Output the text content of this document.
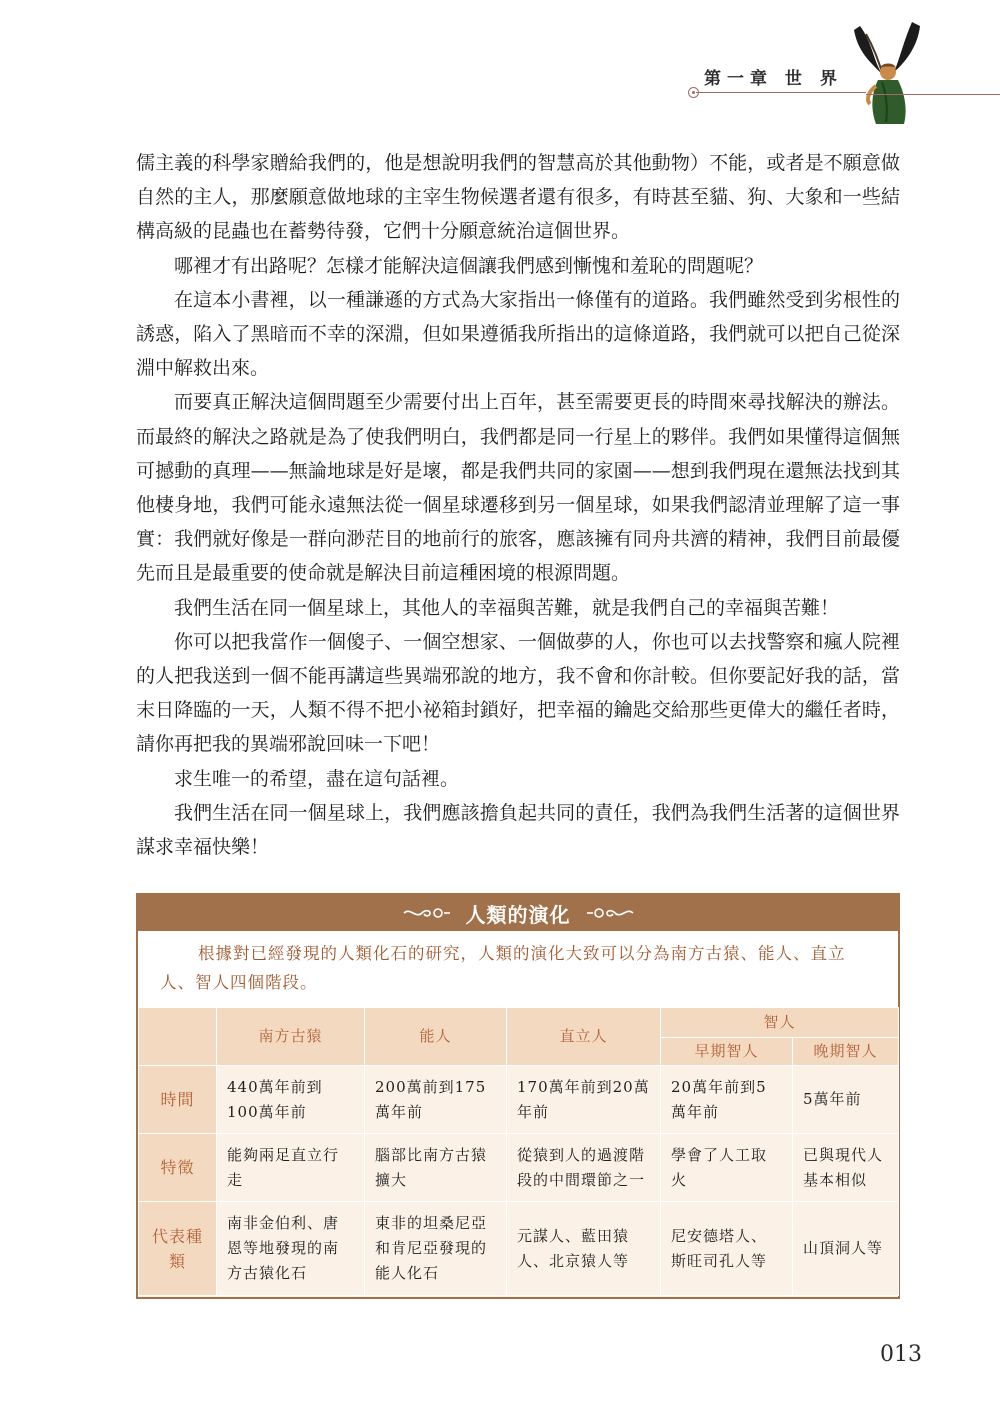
第一章 世 界

儒主義的科學家贈給我們的，他是想說明我們的智慧高於其他動物）不能，或者是不願意做自然的主人，那麼願意做地球的主宰生物候選者還有很多，有時甚至貓、狗、大象和一些結構高級的昆蟲也在蓄勢待發，它們十分願意統治這個世界。

哪裡才有出路呢？怎樣才能解決這個讓我們感到慚愧和羞恥的問題呢？

在這本小書裡，以一種謙遜的方式為大家指出一條僅有的道路。我們雖然受到劣根性的誘惑，陷入了黑暗而不幸的深淵，但如果遵循我所指出的這條道路，我們就可以把自己從深淵中解救出來。

而要真正解決這個問題至少需要付出上百年，甚至需要更長的時間來尋找解決的辦法。而最終的解決之路就是為了使我們明白，我們都是同一行星上的夥伴。我們如果懂得這個無可撼動的真理——無論地球是好是壞，都是我們共同的家園——想到我們現在還無法找到其他棲身地，我們可能永遠無法從一個星球遷移到另一個星球，如果我們認清並理解了這一事實：我們就好像是一群向渺茫目的地前行的旅客，應該擁有同舟共濟的精神，我們目前最優先而且是最重要的使命就是解決目前這種困境的根源問題。

我們生活在同一個星球上，其他人的幸福與苦難，就是我們自己的幸福與苦難！

你可以把我當作一個傻子、一個空想家、一個做夢的人，你也可以去找警察和瘋人院裡的人把我送到一個不能再講這些異端邪說的地方，我不會和你計較。但你要記好我的話，當末日降臨的一天，人類不得不把小祕箱封鎖好，把幸福的鑰匙交給那些更偉大的繼任者時，請你再把我的異端邪說回味一下吧！

求生唯一的希望，盡在這句話裡。

我們生活在同一個星球上，我們應該擔負起共同的責任，我們為我們生活著的這個世界謀求幸福快樂！

人類的演化

根據對已經發現的人類化石的研究，人類的演化大致可以分為南方古猿、能人、直立人、智人四個階段。

	南方古猿	能人	直立人	智人	
				早期智人	晚期智人
時間	440萬年前到100萬年前	200萬前到175萬年前	170萬年前到20萬年前	20萬年前到5萬年前	5萬年前
特徵	能夠兩足直立行走	腦部比南方古猿擴大	從猿到人的過渡階段的中間環節之一	學會了人工取火	已與現代人基本相似
代表種類	南非金伯利、唐恩等地發現的南方古猿化石	東非的坦桑尼亞和肯尼亞發現的能人化石	元謀人、藍田猿人、北京猿人等	尼安德塔人、斯旺司孔人等	山頂洞人等
013
